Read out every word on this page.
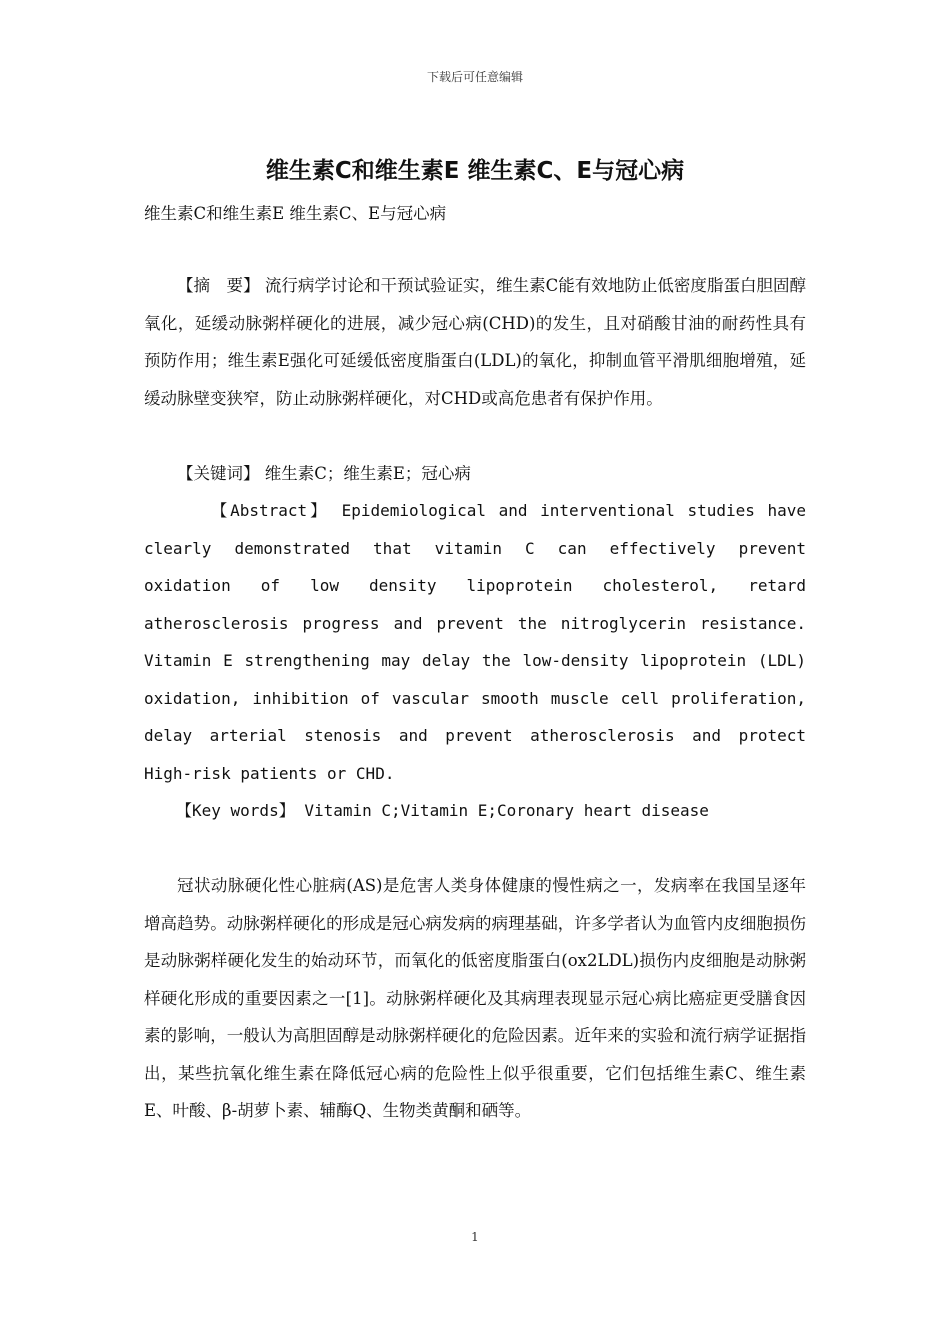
下载后可任意编辑
维生素C和维生素E 维生素C、E与冠心病
维生素C和维生素E 维生素C、E与冠心病

【摘　要】 流行病学讨论和干预试验证实，维生素C能有效地防止低密度脂蛋白胆固醇氧化，延缓动脉粥样硬化的进展，减少冠心病(CHD)的发生，且对硝酸甘油的耐药性具有预防作用；维生素E强化可延缓低密度脂蛋白(LDL)的氧化，抑制血管平滑肌细胞增殖，延缓动脉壁变狭窄，防止动脉粥样硬化，对CHD或高危患者有保护作用。

【关键词】 维生素C；维生素E；冠心病

【Abstract】 Epidemiological and interventional studies have clearly demonstrated that vitamin C can effectively prevent oxidation of low density lipoprotein cholesterol, retard atherosclerosis progress and prevent the nitroglycerin resistance. Vitamin E strengthening may delay the low-density lipoprotein (LDL) oxidation, inhibition of vascular smooth muscle cell proliferation, delay arterial stenosis and prevent atherosclerosis and protect High-risk patients or CHD.

【Key words】 Vitamin C;Vitamin E;Coronary heart disease

冠状动脉硬化性心脏病(AS)是危害人类身体健康的慢性病之一，发病率在我国呈逐年增高趋势。动脉粥样硬化的形成是冠心病发病的病理基础，许多学者认为血管内皮细胞损伤是动脉粥样硬化发生的始动环节，而氧化的低密度脂蛋白(ox2LDL)损伤内皮细胞是动脉粥样硬化形成的重要因素之一[1]。动脉粥样硬化及其病理表现显示冠心病比癌症更受膳食因素的影响，一般认为高胆固醇是动脉粥样硬化的危险因素。近年来的实验和流行病学证据指出，某些抗氧化维生素在降低冠心病的危险性上似乎很重要，它们包括维生素C、维生素E、叶酸、β-胡萝卜素、辅酶Q、生物类黄酮和硒等。

1
